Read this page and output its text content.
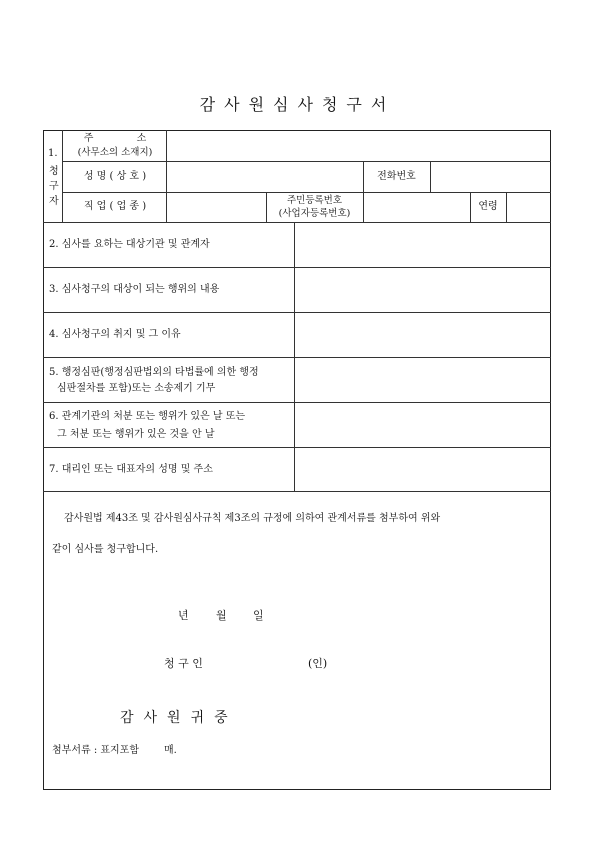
감사원심사청구서
1.
청구자
주 소
(사무소의 소재지)
성 명 ( 상 호 )	전화번호
직 업 ( 업 종 )
주민등록번호
(사업자등록번호)
연령
2. 심사를 요하는 대상기관 및 관계자
3. 심사청구의 대상이 되는 행위의 내용
4. 심사청구의 취지 및 그 이유
5. 행정심판(행정심판법외의 타법률에 의한 행정
심판절차를 포함)또는 소송제기 기무
6. 관계기관의 처분 또는 행위가 있은 날 또는
그 처분 또는 행위가 있은 것을 안 날
7. 대리인 또는 대표자의 성명 및 주소
감사원법 제43조 및 감사원심사규칙 제3조의 규정에 의하여 관계서류를 첨부하여 위와
같이 심사를 청구합니다.
년 월 일
청 구 인	(인)
감사원귀중
첨부서류 : 표지포함 매.
